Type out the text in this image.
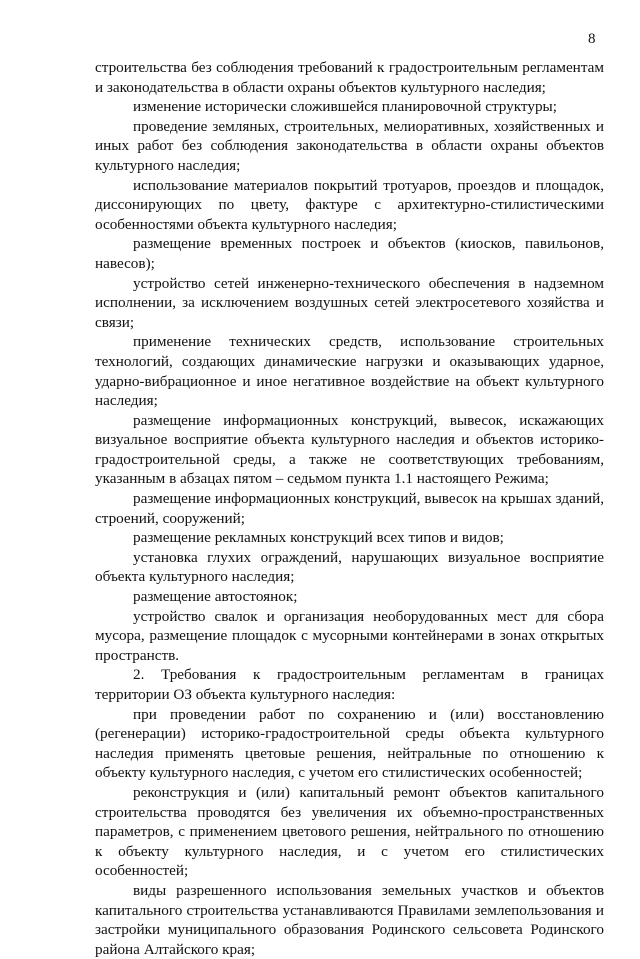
8

строительства без соблюдения требований к градостроительным регламентам и законодательства в области охраны объектов культурного наследия;

изменение исторически сложившейся планировочной структуры;

проведение земляных, строительных, мелиоративных, хозяйственных и иных работ без соблюдения законодательства в области охраны объектов культурного наследия;

использование материалов покрытий тротуаров, проездов и площадок, диссонирующих по цвету, фактуре с архитектурно-стилистическими особенностями объекта культурного наследия;

размещение временных построек и объектов (киосков, павильонов, навесов);

устройство сетей инженерно-технического обеспечения в надземном исполнении, за исключением воздушных сетей электросетевого хозяйства и связи;

применение технических средств, использование строительных технологий, создающих динамические нагрузки и оказывающих ударное, ударно-вибрационное и иное негативное воздействие на объект культурного наследия;

размещение информационных конструкций, вывесок, искажающих визуальное восприятие объекта культурного наследия и объектов историко-градостроительной среды, а также не соответствующих требованиям, указанным в абзацах пятом – седьмом пункта 1.1 настоящего Режима;

размещение информационных конструкций, вывесок на крышах зданий, строений, сооружений;

размещение рекламных конструкций всех типов и видов;

установка глухих ограждений, нарушающих визуальное восприятие объекта культурного наследия;

размещение автостоянок;

устройство свалок и организация необорудованных мест для сбора мусора, размещение площадок с мусорными контейнерами в зонах открытых пространств.

2. Требования к градостроительным регламентам в границах территории ОЗ объекта культурного наследия:

при проведении работ по сохранению и (или) восстановлению (регенерации) историко-градостроительной среды объекта культурного наследия применять цветовые решения, нейтральные по отношению к объекту культурного наследия, с учетом его стилистических особенностей;

реконструкция и (или) капитальный ремонт объектов капитального строительства проводятся без увеличения их объемно-пространственных параметров, с применением цветового решения, нейтрального по отношению к объекту культурного наследия, и с учетом его стилистических особенностей;

виды разрешенного использования земельных участков и объектов капитального строительства устанавливаются Правилами землепользования и застройки муниципального образования Родинского сельсовета Родинского района Алтайского края;
